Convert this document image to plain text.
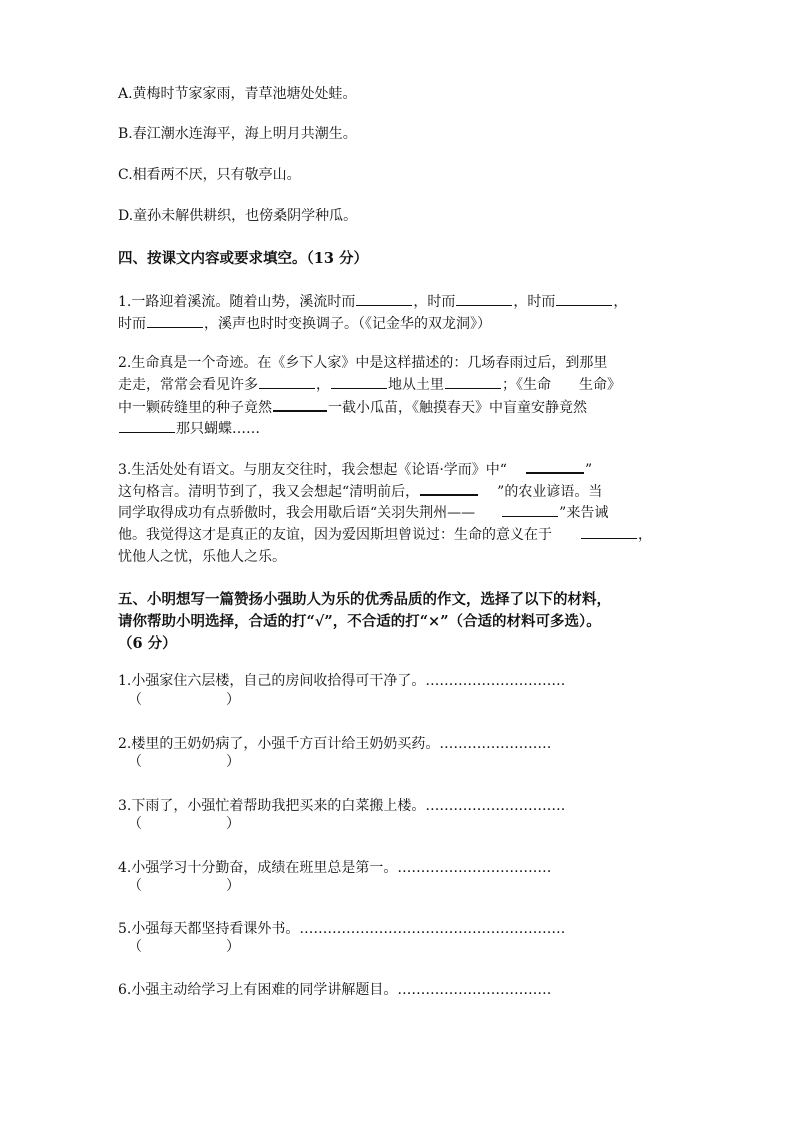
A.黄梅时节家家雨，青草池塘处处蛙。
B.春江潮水连海平，海上明月共潮生。
C.相看两不厌，只有敬亭山。
D.童孙未解供耕织，也傍桑阴学种瓜。
四、按课文内容或要求填空。（13 分）
1.一路迎着溪流。随着山势，溪流时而	，时而	，时而	，
时而	，溪声也时时变换调子。（《记金华的双龙洞》）
2.生命真是一个奇迹。在《乡下人家》中是这样描述的：几场春雨过后，到那里
走走，常常会看见许多	，	地从土里	；《生命　　生命》
中一颗砖缝里的种子竟然	一截小瓜苗，《触摸春天》中盲童安静竟然
那只蝴蝶……
3.生活处处有语文。与朋友交往时，我会想起《论语·学而》中“	”
这句格言。清明节到了，我又会想起“清明前后，	”的农业谚语。当
同学取得成功有点骄傲时，我会用歇后语“关羽失荆州——	”来告诫
他。我觉得这才是真正的友谊，因为爱因斯坦曾说过：生命的意义在于	，
忧他人之忧，乐他人之乐。
五、小明想写一篇赞扬小强助人为乐的优秀品质的作文，选择了以下的材料，
请你帮助小明选择，合适的打“√”，不合适的打“×”（合适的材料可多选）。
（6 分）
1.小强家住六层楼，自己的房间收拾得可干净了。…………………………
（	）
2.楼里的王奶奶病了，小强千方百计给王奶奶买药。……………………
（	）
3.下雨了，小强忙着帮助我把买来的白菜搬上楼。…………………………
（	）
4.小强学习十分勤奋，成绩在班里总是第一。……………………………
（	）
5.小强每天都坚持看课外书。…………………………………………………
（	）
6.小强主动给学习上有困难的同学讲解题目。……………………………
